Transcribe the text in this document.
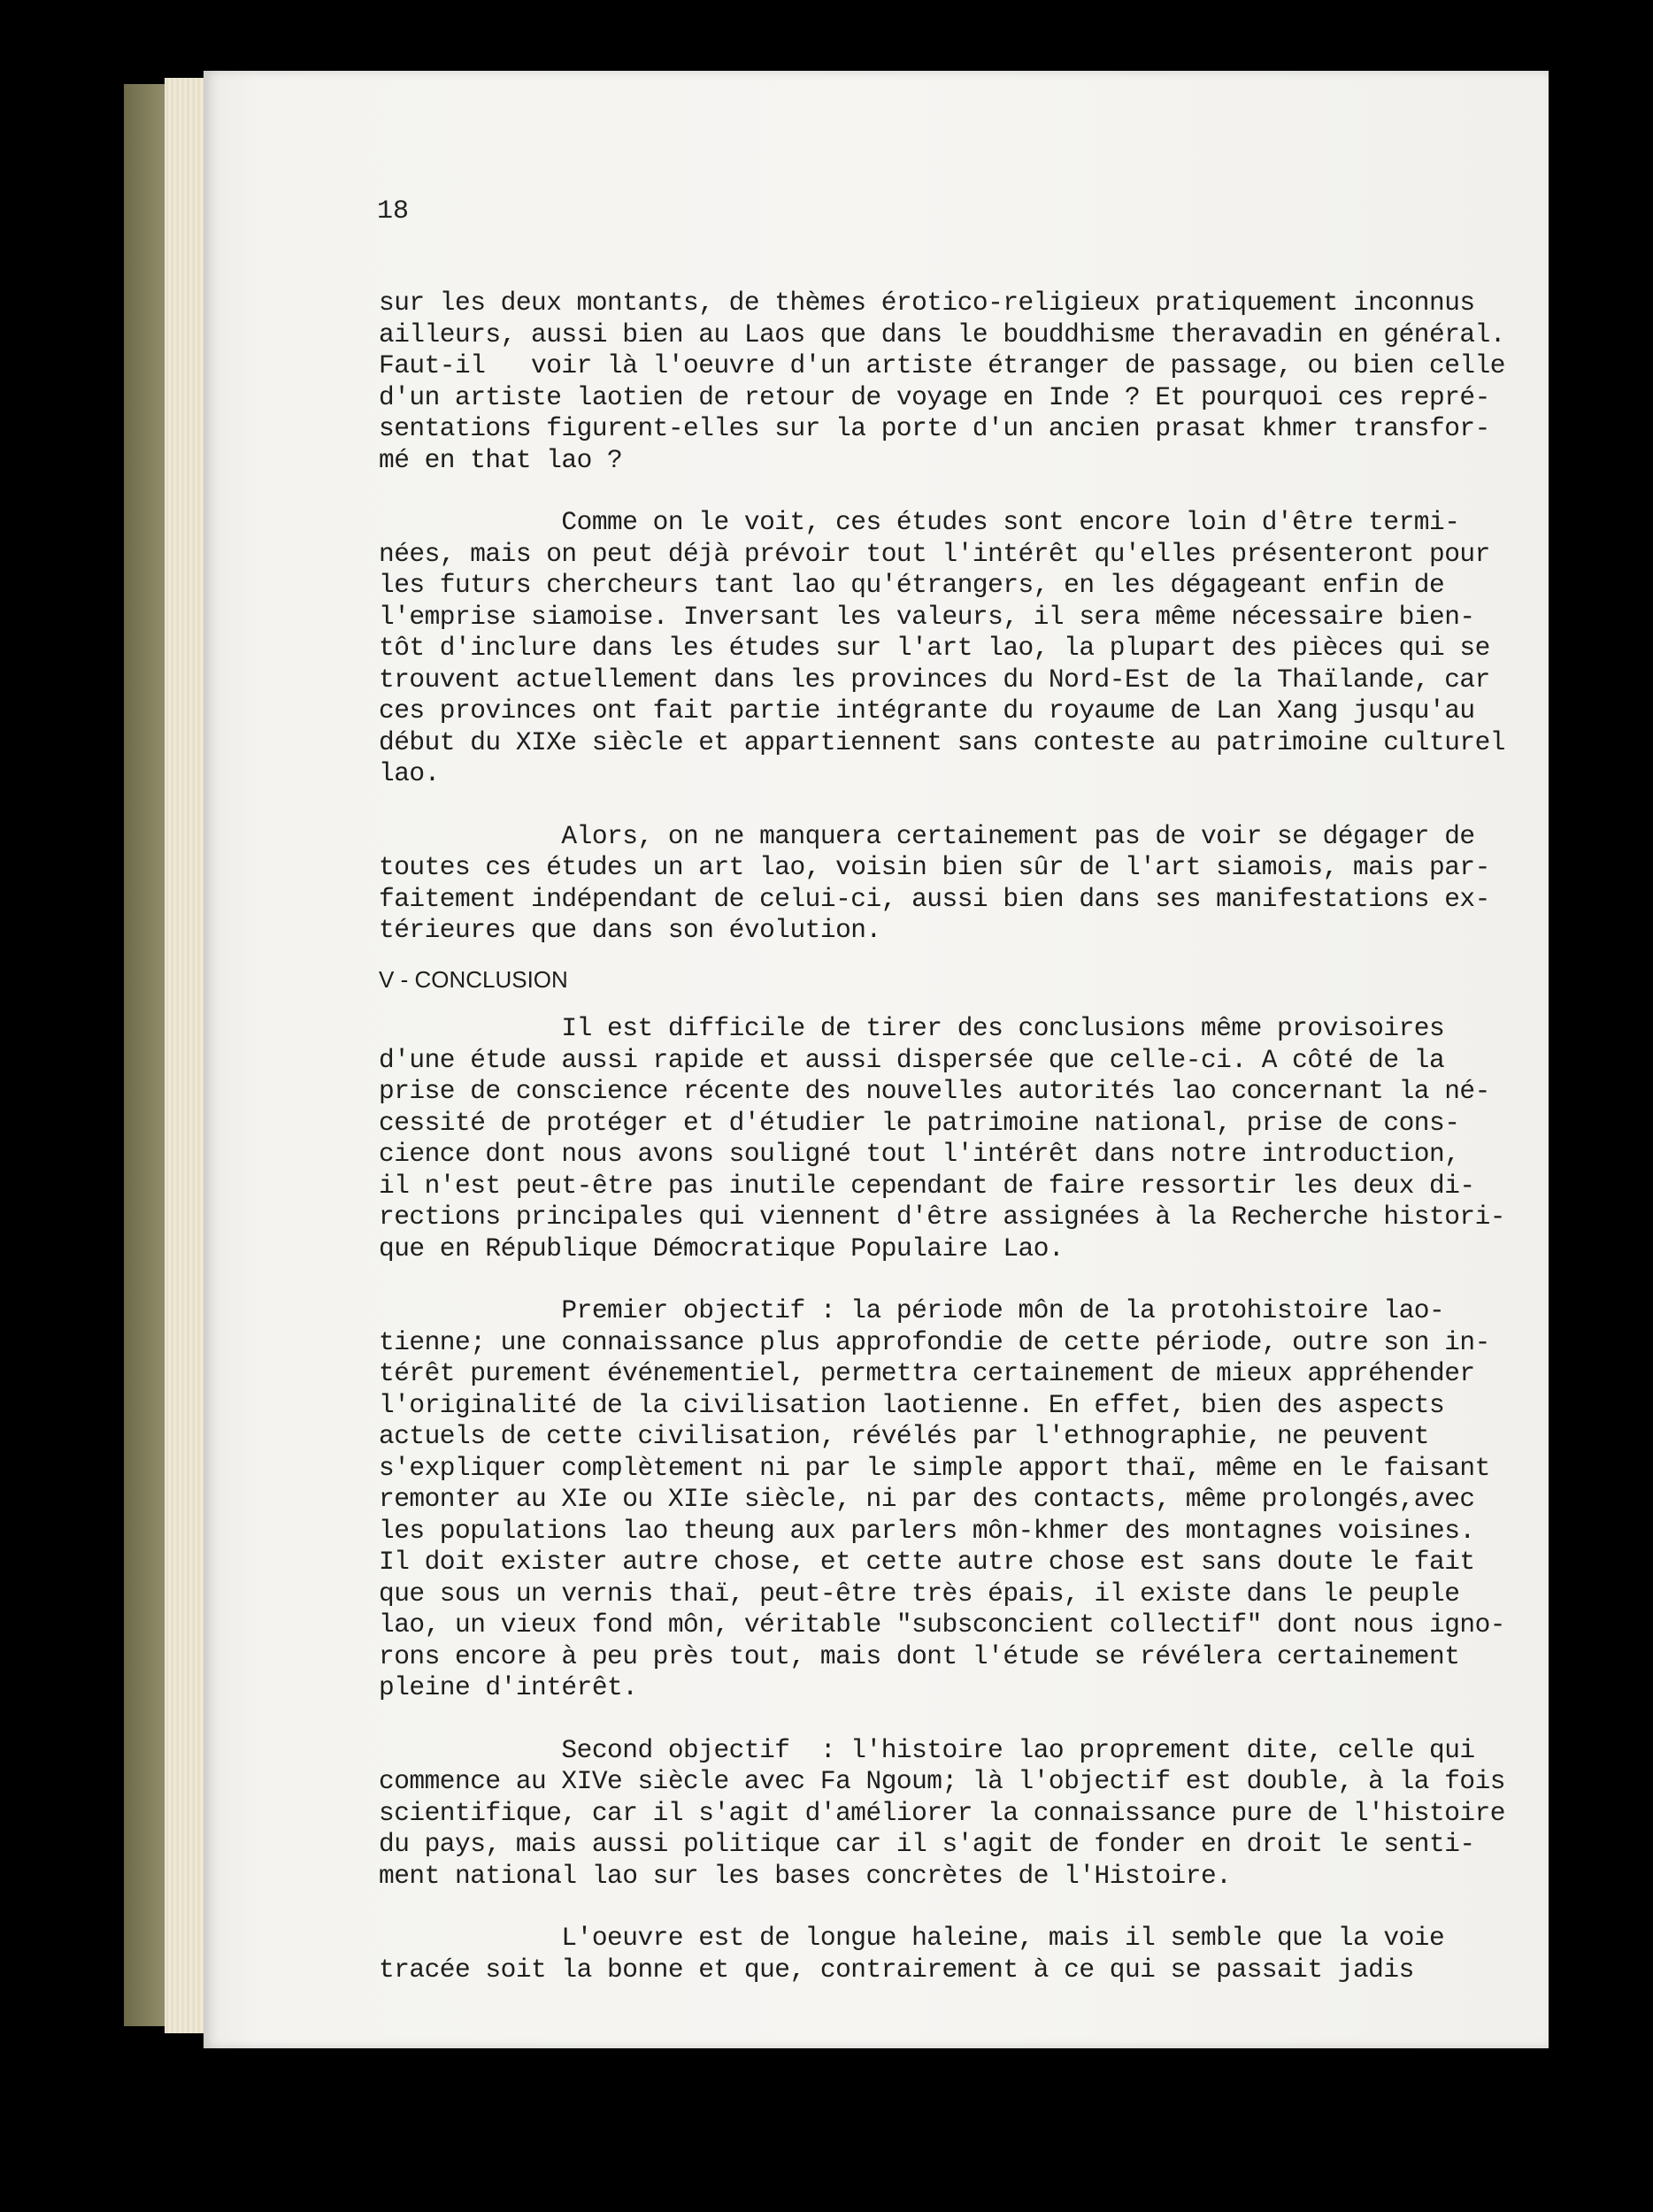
18
sur les deux montants, de thèmes érotico-religieux pratiquement inconnus
ailleurs, aussi bien au Laos que dans le bouddhisme theravadin en général.
Faut-il   voir là l'oeuvre d'un artiste étranger de passage, ou bien celle
d'un artiste laotien de retour de voyage en Inde ? Et pourquoi ces repré-
sentations figurent-elles sur la porte d'un ancien prasat khmer transfor-
mé en that lao ?
Comme on le voit, ces études sont encore loin d'être termi-
nées, mais on peut déjà prévoir tout l'intérêt qu'elles présenteront pour
les futurs chercheurs tant lao qu'étrangers, en les dégageant enfin de
l'emprise siamoise. Inversant les valeurs, il sera même nécessaire bien-
tôt d'inclure dans les études sur l'art lao, la plupart des pièces qui se
trouvent actuellement dans les provinces du Nord-Est de la Thaïlande, car
ces provinces ont fait partie intégrante du royaume de Lan Xang jusqu'au
début du XIXe siècle et appartiennent sans conteste au patrimoine culturel
lao.
Alors, on ne manquera certainement pas de voir se dégager de
toutes ces études un art lao, voisin bien sûr de l'art siamois, mais par-
faitement indépendant de celui-ci, aussi bien dans ses manifestations ex-
térieures que dans son évolution.
V - CONCLUSION
Il est difficile de tirer des conclusions même provisoires
d'une étude aussi rapide et aussi dispersée que celle-ci. A côté de la
prise de conscience récente des nouvelles autorités lao concernant la né-
cessité de protéger et d'étudier le patrimoine national, prise de cons-
cience dont nous avons souligné tout l'intérêt dans notre introduction,
il n'est peut-être pas inutile cependant de faire ressortir les deux di-
rections principales qui viennent d'être assignées à la Recherche histori-
que en République Démocratique Populaire Lao.
Premier objectif : la période môn de la protohistoire lao-
tienne; une connaissance plus approfondie de cette période, outre son in-
térêt purement événementiel, permettra certainement de mieux appréhender
l'originalité de la civilisation laotienne. En effet, bien des aspects
actuels de cette civilisation, révélés par l'ethnographie, ne peuvent
s'expliquer complètement ni par le simple apport thaï, même en le faisant
remonter au XIe ou XIIe siècle, ni par des contacts, même prolongés,avec
les populations lao theung aux parlers môn-khmer des montagnes voisines.
Il doit exister autre chose, et cette autre chose est sans doute le fait
que sous un vernis thaï, peut-être très épais, il existe dans le peuple
lao, un vieux fond môn, véritable "subsconcient collectif" dont nous igno-
rons encore à peu près tout, mais dont l'étude se révélera certainement
pleine d'intérêt.
Second objectif  : l'histoire lao proprement dite, celle qui
commence au XIVe siècle avec Fa Ngoum; là l'objectif est double, à la fois
scientifique, car il s'agit d'améliorer la connaissance pure de l'histoire
du pays, mais aussi politique car il s'agit de fonder en droit le senti-
ment national lao sur les bases concrètes de l'Histoire.
L'oeuvre est de longue haleine, mais il semble que la voie
tracée soit la bonne et que, contrairement à ce qui se passait jadis
